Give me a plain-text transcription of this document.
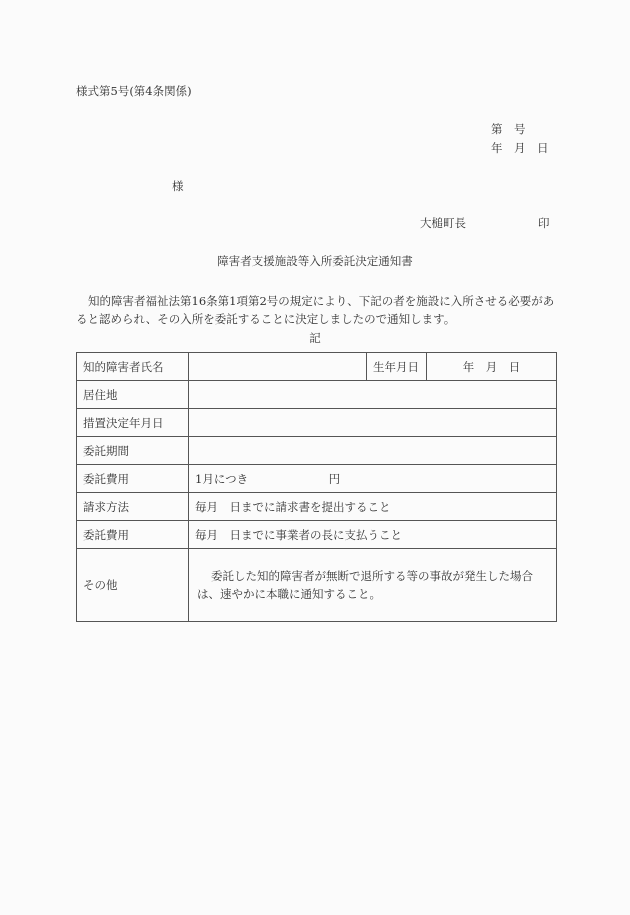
様式第5号(第4条関係)
第　号
年　月　日
様
大槌町長	印
障害者支援施設等入所委託決定通知書
知的障害者福祉法第16条第1項第2号の規定により、下記の者を施設に入所させる必要があると認められ、その入所を委託することに決定しましたので通知します。
記
知的障害者氏名		生年月日	年　月　日
居住地			
措置決定年月日			
委託期間			
委託費用	1月につき　　　　　　　円		
請求方法	毎月　日までに請求書を提出すること		
委託費用	毎月　日までに事業者の長に支払うこと		
その他	委託した知的障害者が無断で退所する等の事故が発生した場合は、速やかに本職に通知すること。		
